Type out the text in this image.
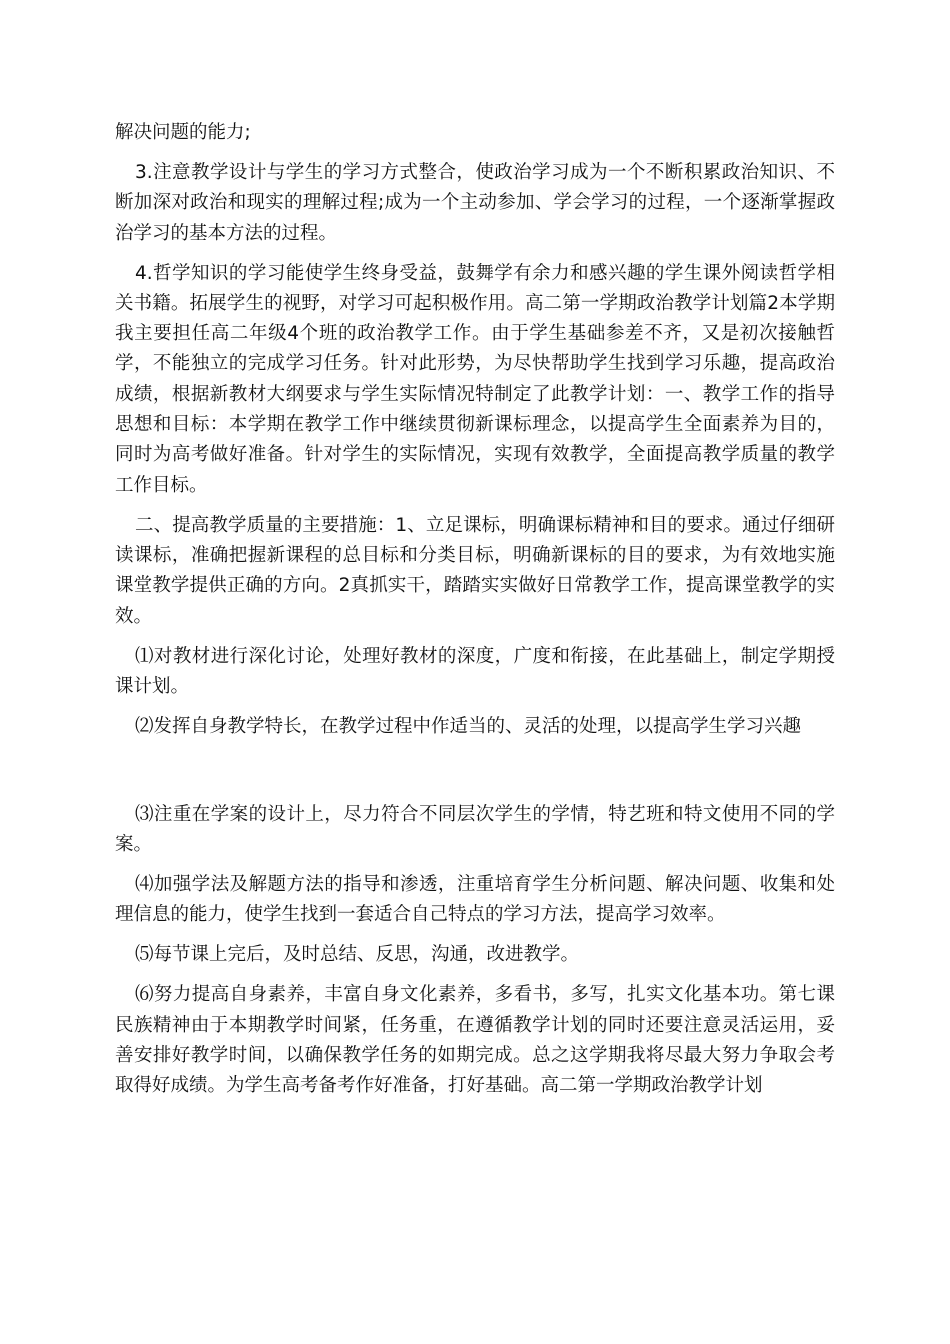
解决问题的能力;

3.注意教学设计与学生的学习方式整合，使政治学习成为一个不断积累政治知识、不断加深对政治和现实的理解过程;成为一个主动参加、学会学习的过程，一个逐渐掌握政治学习的基本方法的过程。

4.哲学知识的学习能使学生终身受益，鼓舞学有余力和感兴趣的学生课外阅读哲学相关书籍。拓展学生的视野，对学习可起积极作用。高二第一学期政治教学计划篇2本学期我主要担任高二年级4个班的政治教学工作。由于学生基础参差不齐，又是初次接触哲学，不能独立的完成学习任务。针对此形势，为尽快帮助学生找到学习乐趣，提高政治成绩，根据新教材大纲要求与学生实际情况特制定了此教学计划：一、教学工作的指导思想和目标：本学期在教学工作中继续贯彻新课标理念，以提高学生全面素养为目的，同时为高考做好准备。针对学生的实际情况，实现有效教学，全面提高教学质量的教学工作目标。

二、提高教学质量的主要措施：1、立足课标，明确课标精神和目的要求。通过仔细研读课标，准确把握新课程的总目标和分类目标，明确新课标的目的要求，为有效地实施课堂教学提供正确的方向。2真抓实干，踏踏实实做好日常教学工作，提高课堂教学的实效。

⑴对教材进行深化讨论，处理好教材的深度，广度和衔接，在此基础上，制定学期授课计划。

⑵发挥自身教学特长，在教学过程中作适当的、灵活的处理，以提高学生学习兴趣

⑶注重在学案的设计上，尽力符合不同层次学生的学情，特艺班和特文使用不同的学案。

⑷加强学法及解题方法的指导和渗透，注重培育学生分析问题、解决问题、收集和处理信息的能力，使学生找到一套适合自己特点的学习方法，提高学习效率。

⑸每节课上完后，及时总结、反思，沟通，改进教学。

⑹努力提高自身素养，丰富自身文化素养，多看书，多写，扎实文化基本功。第七课民族精神由于本期教学时间紧，任务重，在遵循教学计划的同时还要注意灵活运用，妥善安排好教学时间，以确保教学任务的如期完成。总之这学期我将尽最大努力争取会考取得好成绩。为学生高考备考作好准备，打好基础。高二第一学期政治教学计划
